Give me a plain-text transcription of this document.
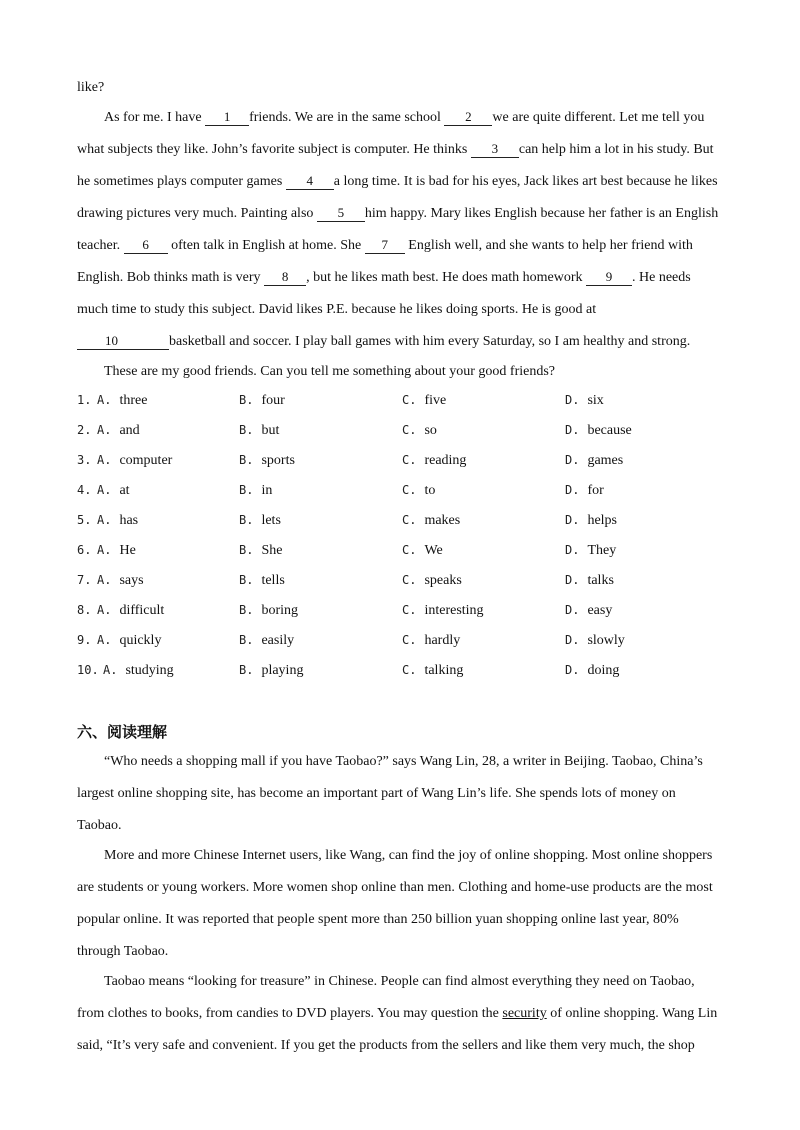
like?
As for me. I have 1 friends. We are in the same school 2 we are quite different. Let me tell you
what subjects they like. John’s favorite subject is computer. He thinks 3 can help him a lot in his study. But
he sometimes plays computer games 4 a long time. It is bad for his eyes, Jack likes art best because he likes
drawing pictures very much. Painting also 5 him happy. Mary likes English because her father is an English
teacher. 6 often talk in English at home. She 7 English well, and she wants to help her friend with
English. Bob thinks math is very 8 , but he likes math best. He does math homework 9 . He needs
much time to study this subject. David likes P.E. because he likes doing sports. He is good at
10	basketball and soccer. I play ball games with him every Saturday, so I am healthy and strong.
These are my good friends. Can you tell me something about your good friends?
1. A. three	B. four	C. five	D. six
2. A. and	B. but	C. so	D. because
3. A. computer	B. sports	C. reading	D. games
4. A. at	B. in	C. to	D. for
5. A. has	B. lets	C. makes	D. helps
6. A. He	B. She	C. We	D. They
7. A. says	B. tells	C. speaks	D. talks
8. A. difficult	B. boring	C. interesting	D. easy
9. A. quickly	B. easily	C. hardly	D. slowly
10. A. studying	B. playing	C. talking	D. doing
六、阅读理解
“Who needs a shopping mall if you have Taobao?” says Wang Lin, 28, a writer in Beijing. Taobao, China’s
largest online shopping site, has become an important part of Wang Lin’s life. She spends lots of money on
Taobao.
More and more Chinese Internet users, like Wang, can find the joy of online shopping. Most online shoppers
are students or young workers. More women shop online than men. Clothing and home-use products are the most
popular online. It was reported that people spent more than 250 billion yuan shopping online last year, 80%
through Taobao.
Taobao means “looking for treasure” in Chinese. People can find almost everything they need on Taobao,
from clothes to books, from candies to DVD players. You may question the security of online shopping. Wang Lin
said, “It’s very safe and convenient. If you get the products from the sellers and like them very much, the shop
